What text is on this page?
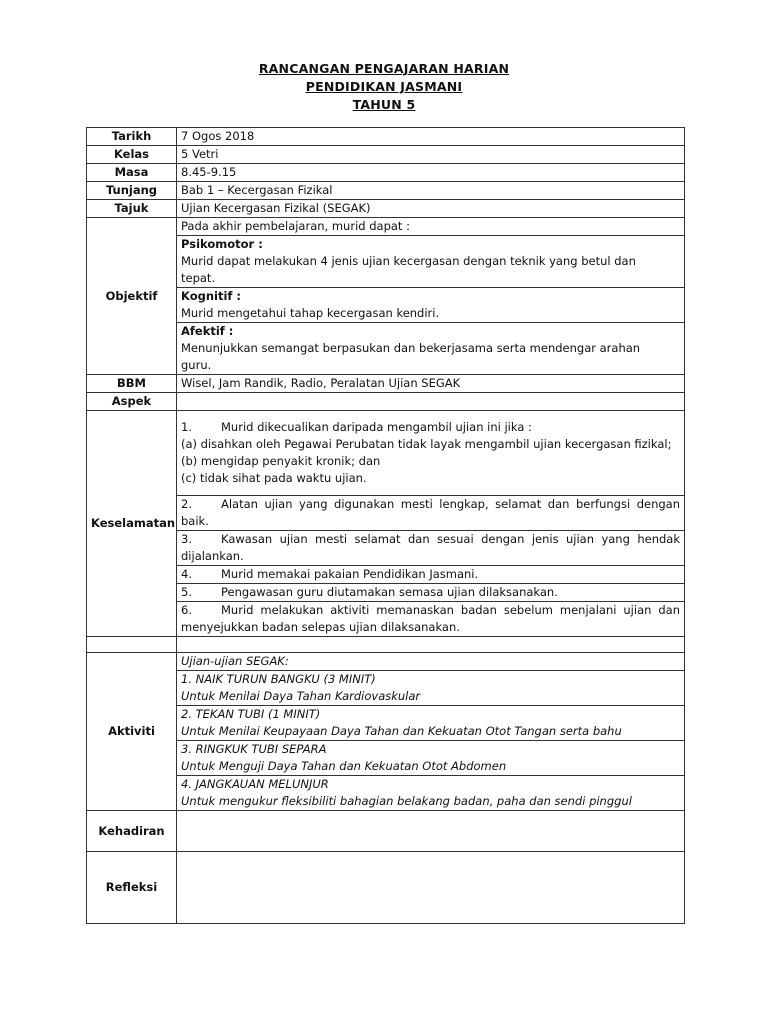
RANCANGAN PENGAJARAN HARIAN
PENDIDIKAN JASMANI
TAHUN 5
Tarikh	7 Ogos 2018
Kelas	5 Vetri
Masa	8.45-9.15
Tunjang	Bab 1 – Kecergasan Fizikal
Tajuk	Ujian Kecergasan Fizikal (SEGAK)
Objektif	Pada akhir pembelajaran, murid dapat :

	Psikomotor :
Murid dapat melakukan 4 jenis ujian kecergasan dengan teknik yang betul dan
tepat.

	Kognitif :
Murid mengetahui tahap kecergasan kendiri.

	Afektif :
Menunjukkan semangat berpasukan dan bekerjasama serta mendengar arahan
guru.

BBM	Wisel, Jam Randik, Radio, Peralatan Ujian SEGAK
Aspek	
Keselamatan	1. Murid dikecualikan daripada mengambil ujian ini jika :
(a) disahkan oleh Pegawai Perubatan tidak layak mengambil ujian kecergasan fizikal;
(b) mengidap penyakit kronik; dan
(c) tidak sihat pada waktu ujian.

	2. Alatan ujian yang digunakan mesti lengkap, selamat dan berfungsi dengan baik.
	3. Kawasan ujian mesti selamat dan sesuai dengan jenis ujian yang hendak dijalankan.
	4. Murid memakai pakaian Pendidikan Jasmani.
	5. Pengawasan guru diutamakan semasa ujian dilaksanakan.
	6. Murid melakukan aktiviti memanaskan badan sebelum menjalani ujian dan menyejukkan badan selepas ujian dilaksanakan.

Aktiviti	Ujian-ujian SEGAK:

	1. NAIK TURUN BANGKU (3 MINIT)
Untuk Menilai Daya Tahan Kardiovaskular

	2. TEKAN TUBI (1 MINIT)
Untuk Menilai Keupayaan Daya Tahan dan Kekuatan Otot Tangan serta bahu

	3. RINGKUK TUBI SEPARA
Untuk Menguji Daya Tahan dan Kekuatan Otot Abdomen

	4. JANGKAUAN MELUNJUR
Untuk mengukur fleksibiliti bahagian belakang badan, paha dan sendi pinggul

Kehadiran	
Refleksi	
